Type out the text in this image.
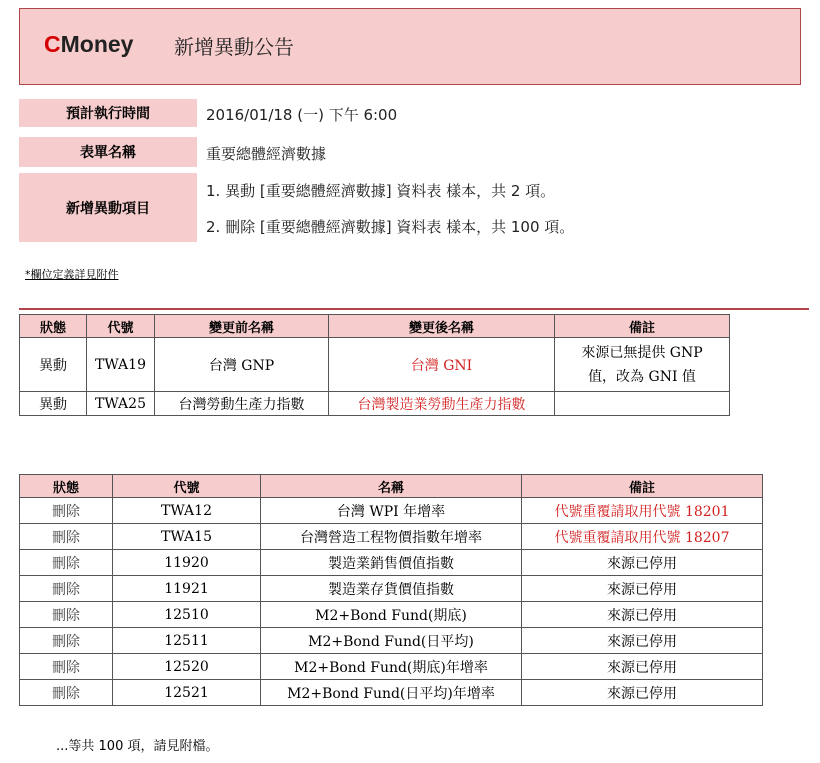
CMoney 新增異動公告
預計執行時間	2016/01/18 (一) 下午 6:00
表單名稱	重要總體經濟數據
新增異動項目
1. 異動 [重要總體經濟數據] 資料表 樣本，共 2 項。
2. 刪除 [重要總體經濟數據] 資料表 樣本，共 100 項。
*欄位定義詳見附件
狀態	代號	變更前名稱	變更後名稱	備註
異動	TWA19	台灣 GNP	台灣 GNI	來源已無提供 GNP
值，改為 GNI 值

異動	TWA25	台灣勞動生產力指數	台灣製造業勞動生產力指數	
狀態	代號	名稱	備註
刪除	TWA12	台灣 WPI 年增率	代號重覆請取用代號 18201
刪除	TWA15	台灣營造工程物價指數年增率	代號重覆請取用代號 18207
刪除	11920	製造業銷售價值指數	來源已停用
刪除	11921	製造業存貨價值指數	來源已停用
刪除	12510	M2+Bond Fund(期底)	來源已停用
刪除	12511	M2+Bond Fund(日平均)	來源已停用
刪除	12520	M2+Bond Fund(期底)年增率	來源已停用
刪除	12521	M2+Bond Fund(日平均)年增率	來源已停用
...等共 100 項，請見附檔。
